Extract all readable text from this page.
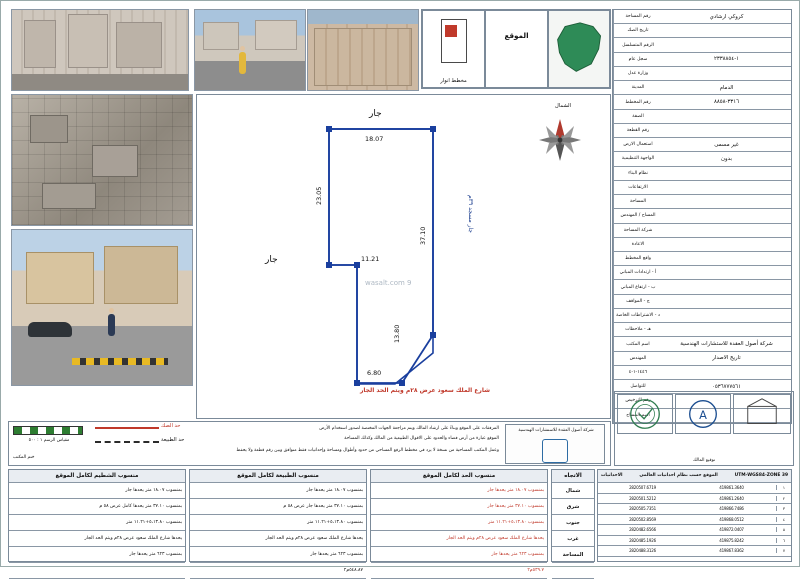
مخطط انوار
الموقع
كروكي ارشادي
رقم المساحة
تاريخ الصك
الرقم المتسلسل
١-٢٣٣٨٨٥٤
سجل عام
وزارة عدل
الدمام
المدينة
٣٣١٦-٨٨٥٨
رقم المخطط
الصفة
رقم القطعة
غير مسمى
استعمال الارض
بدون
الواجهة التنظيمية
نظام البناء
الارتفاعات
المساحة
المساح / المهندس
شركة المساحة
الاعادة
واقع المخطط
أ - ارتدادات المباني
ب - ارتفاع المباني
ج - المواقف
د - الاشتراطات الخاصة
هـ - ملاحظات
شركة أصول العقدة للاستشارات الهندسية
اسم المكتب
تاريخ الاصدار
المهندس
١٤٤٦-١-٤
٠٥٣٦٧٧٧٥٦١
للتواصل
رقم الترخيص
اسم المساح
الشمال
18.07
23.05
11.21
37.10
13.80
6.80
جار
جار
جار مسجد ٣٩م
شارع الملك سعود عرض ٢٨م ويتم الحد الجار
wasalt.com 9
مقياس الرسم ١ : ٥٠٠
حد الصك
حد الطبيعة
المرفقات على الموقع وبناءً على ارشاد المالك ويتم مراجعة الجهات المختصة لصدور استخدام الأرض
الموقع عبارة من أرض فضاء والحدود على الاقوال الطبيعية من المالك وكذلك المساحة
وعمل المكتب المساحية من نسخة لا يرد في مخطط الرفع المساحي من حدود وأطوال ومساحة وإحداثيات فقط متوافق وبين رقم قطعة ولا يحفظ
ختم المكتب
شركة أصول العقدة للاستشارات الهندسية
A
توقيع المالك
منسوب الشطيم لكامل الموقع
بمنسوب ١٨.٠٧ متر يحدها جار
بمنسوب ٣٧.١٠ متر يحدها كامل عرض ٥٨ م
بمنسوب ٥،١٣.٨٠+١١.٢١ متر
يحدها شارع الملك سعود عرض ٢٨م ويتم الحد الجار
بمنسوب ٦٢٣ متر يحدها جار
منسوب الطبيعة لكامل الموقع
بمنسوب ١٨.٠٧ متر يحدها جار
بمنسوب ٣٧.١٠ متر يحدها جار عرض ٥٨ م
بمنسوب ٥،١٣.٨٠+١١.٢١ متر
يحدها شارع الملك سعود عرض ٢٨م ويتم الحد الجار
بمنسوب ٦٢٣ متر يحدها جار
٥٤٨.٨٧م٢
منسوب الحد لكامل الموقع
بمنسوب ١٨.٠٧ متر يحدها جار
بمنسوب ٣٧.١٠ متر يحدها جار
بمنسوب ٥،١٣.٨٠+١١.٢١ متر
يحدها شارع الملك سعود عرض ٢٨م ويتم الحد الجار
بمنسوب ٦٢٣ متر يحدها جار
٥٣٩.٧م٢
الاتجاه
شمال
شرق
جنوب
غرب
المساحة
UTM-WGS84-ZONE 39
الموقع حسب نظام احداثيات العالمي
الاحداثيات
١
419861.3640
2820507.6719
٢
419861.2640
2820501.5212
٣
419866.7486
2820505.7351
٤
419868.0512
2820502.8569
٥
419872.0407
2820482.6566
٦
419875.8242
2820485.1926
٧
419867.8362
2820488.3126
